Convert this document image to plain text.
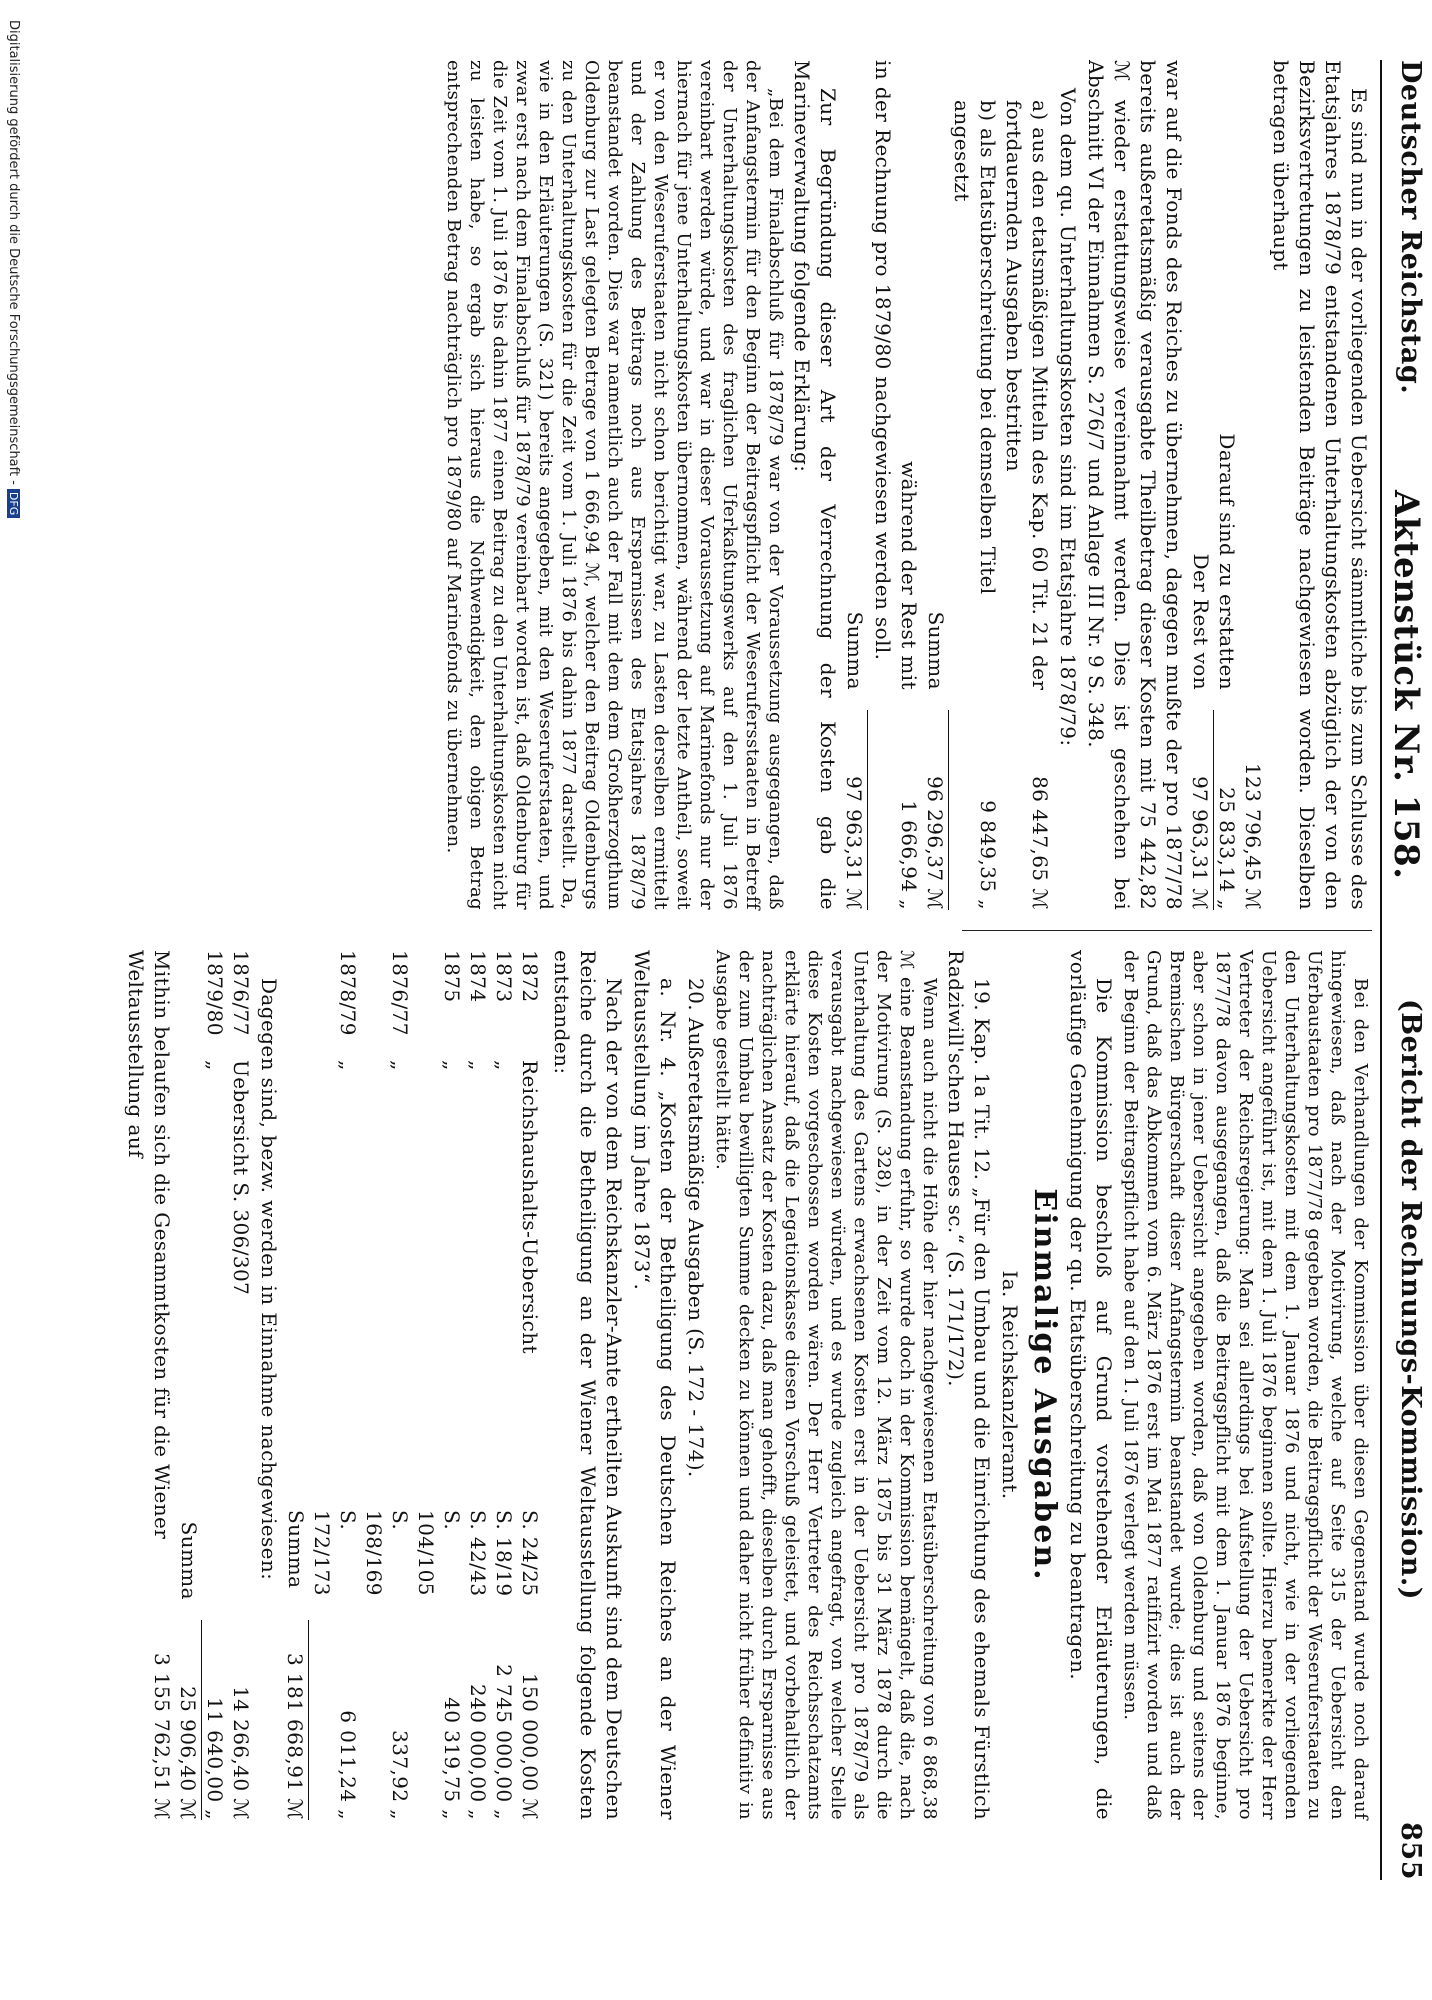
Deutscher Reichstag.
Aktenstück Nr. 158.
(Bericht der Rechnungs-Kommission.)
855

Es sind nun in der vorliegenden Uebersicht sämmtliche bis zum Schlusse des Etatsjahres 1878/79 entstandenen Unterhaltungskosten abzüglich der von den Bezirksvertretungen zu leistenden Beiträge nachgewiesen worden. Dieselben betragen überhaupt

123 796,45 ℳ
Darauf sind zu erstatten
25 833,14 „
Der Rest von
97 963,31 ℳ

war auf die Fonds des Reiches zu übernehmen, dagegen mußte der pro 1877/78 bereits außeretatsmäßig verausgabte Theilbetrag dieser Kosten mit 75 442,82 ℳ wieder erstattungsweise vereinnahmt werden. Dies ist geschehen bei Abschnitt VI der Einnahmen S. 276/7 und Anlage III Nr. 9 S. 348.

Von dem qu. Unterhaltungskosten sind im Etatsjahre 1878/79:

a) aus den etatsmäßigen Mitteln des Kap. 60 Tit. 21 der fortdauernden Ausgaben bestritten
86 447,65 ℳ
b) als Etatsüberschreitung bei demselben Titel angesetzt
9 849,35 „
Summa
96 296,37 ℳ
während der Rest mit
1 666,94 „

in der Rechnung pro 1879/80 nachgewiesen werden soll.

Summa
97 963,31 ℳ

Zur Begründung dieser Art der Verrechnung der Kosten gab die Marineverwaltung folgende Erklärung:

„Bei dem Finalabschluß für 1878/79 war von der Voraussetzung ausgegangen, daß der Anfangstermin für den Beginn der Beitragspflicht der Weserufersstaaten in Betreff der Unterhaltungskosten des fraglichen Uferkaßtungswerks auf den 1. Juli 1876 vereinbart werden würde, und war in dieser Voraussetzung auf Marinefonds nur der hiernach für jene Unterhaltungskosten übernommen, während der letzte Antheil, soweit er von den Weseruferstaaten nicht schon berichtigt war, zu Lasten derselben ermittelt und der Zahlung des Beitrags noch aus Ersparnissen des Etatsjahres 1878/79 beanstandet worden. Dies war namentlich auch der Fall mit dem dem Großherzogthum Oldenburg zur Last gelegten Betrage von 1 666,94 ℳ, welcher den Beitrag Oldenburgs zu den Unterhaltungskosten für die Zeit vom 1. Juli 1876 bis dahin 1877 darstellt. Da, wie in den Erläuterungen (S. 321) bereits angegeben, mit den Weseruferstaaten, und zwar erst nach dem Finalabschluß für 1878/79 vereinbart worden ist, daß Oldenburg für die Zeit vom 1. Juli 1876 bis dahin 1877 einen Beitrag zu den Unterhaltungskosten nicht zu leisten habe, so ergab sich hieraus die Nothwendigkeit, den obigen Betrag entsprechenden Betrag nachträglich pro 1879/80 auf Marinefonds zu übernehmen.

Bei den Verhandlungen der Kommission über diesen Gegenstand wurde noch darauf hingewiesen, daß nach der Motivirung, welche auf Seite 315 der Uebersicht den Uferbaustaaten pro 1877/78 gegeben worden, die Beitragspflicht der Weseruferstaaten zu den Unterhaltungskosten mit dem 1. Januar 1876 und nicht, wie in der vorliegenden Uebersicht angeführt ist, mit dem 1. Juli 1876 beginnen sollte. Hierzu bemerkte der Herr Vertreter der Reichsregierung: Man sei allerdings bei Aufstellung der Uebersicht pro 1877/78 davon ausgegangen, daß die Beitragspflicht mit dem 1. Januar 1876 beginne, aber schon in jener Uebersicht angegeben worden, daß von Oldenburg und seitens der Bremischen Bürgerschaft dieser Anfangstermin beanstandet wurde; dies ist auch der Grund, daß das Abkommen vom 6. März 1876 erst im Mai 1877 ratifizirt worden und daß der Beginn der Beitragspflicht habe auf den 1. Juli 1876 verlegt werden müssen.

Die Kommission beschloß auf Grund vorstehender Erläuterungen, die vorläufige Genehmigung der qu. Etatsüberschreitung zu beantragen.

Einmalige Ausgaben.

Ia. Reichskanzleramt.

19. Kap. 1a Tit. 12. „Für den Umbau und die Einrichtung des ehemals Fürstlich Radziwill'schen Hauses sc.“ (S. 171/172).

Wenn auch nicht die Höhe der hier nachgewiesenen Etatsüberschreitung von 6 868,38 ℳ eine Beanstandung erfuhr, so wurde doch in der Kommission bemängelt, daß die, nach der Motivirung (S. 328), in der Zeit vom 12. März 1875 bis 31 März 1878 durch die Unterhaltung des Gartens erwachsenen Kosten erst in der Uebersicht pro 1878/79 als verausgabt nachgewiesen würden, und es wurde zugleich angefragt, von welcher Stelle diese Kosten vorgeschossen worden wären. Der Herr Vertreter des Reichsschatzamts erklärte hierauf, daß die Legationskasse diesen Vorschuß geleistet, und vorbehaltlich der nachträglichen Ansatz der Kosten dazu, daß man gehofft, dieselben durch Ersparnisse aus der zum Umbau bewilligten Summe decken zu können und daher nicht früher definitiv in Ausgabe gestellt hätte.

20. Außeretatsmäßige Ausgaben (S. 172 - 174).

a. Nr. 4. „Kosten der Betheiligung des Deutschen Reiches an der Wiener Weltausstellung im Jahre 1873“.

Nach der von dem Reichskanzler-Amte ertheilten Auskunft sind dem Deutschen Reiche durch die Betheiligung an der Wiener Weltausstellung folgende Kosten entstanden:

1872
Reichshaushalts-Uebersicht
S. 24/25
150 000,00 ℳ
1873
„
S. 18/19
2 745 000,00 „
1874
„
S. 42/43
240 000,00 „
1875
„
S. 104/105
40 319,75 „
1876/77
„
S. 168/169
337,92 „
1878/79
„
S. 172/173
6 011,24 „
Summa
3 181 668,91 ℳ

Dagegen sind, bezw. werden in Einnahme nachgewiesen:

1876/77
Uebersicht S. 306/307
14 266,40 ℳ
1879/80
„
11 640,00 „
Summa
25 906,40 ℳ
Mithin belaufen sich die Gesammtkosten für die Wiener Weltausstellung auf
3 155 762,51 ℳ
Digitalisierung gefördert durch die Deutsche Forschungsgemeinschaft -DFG
